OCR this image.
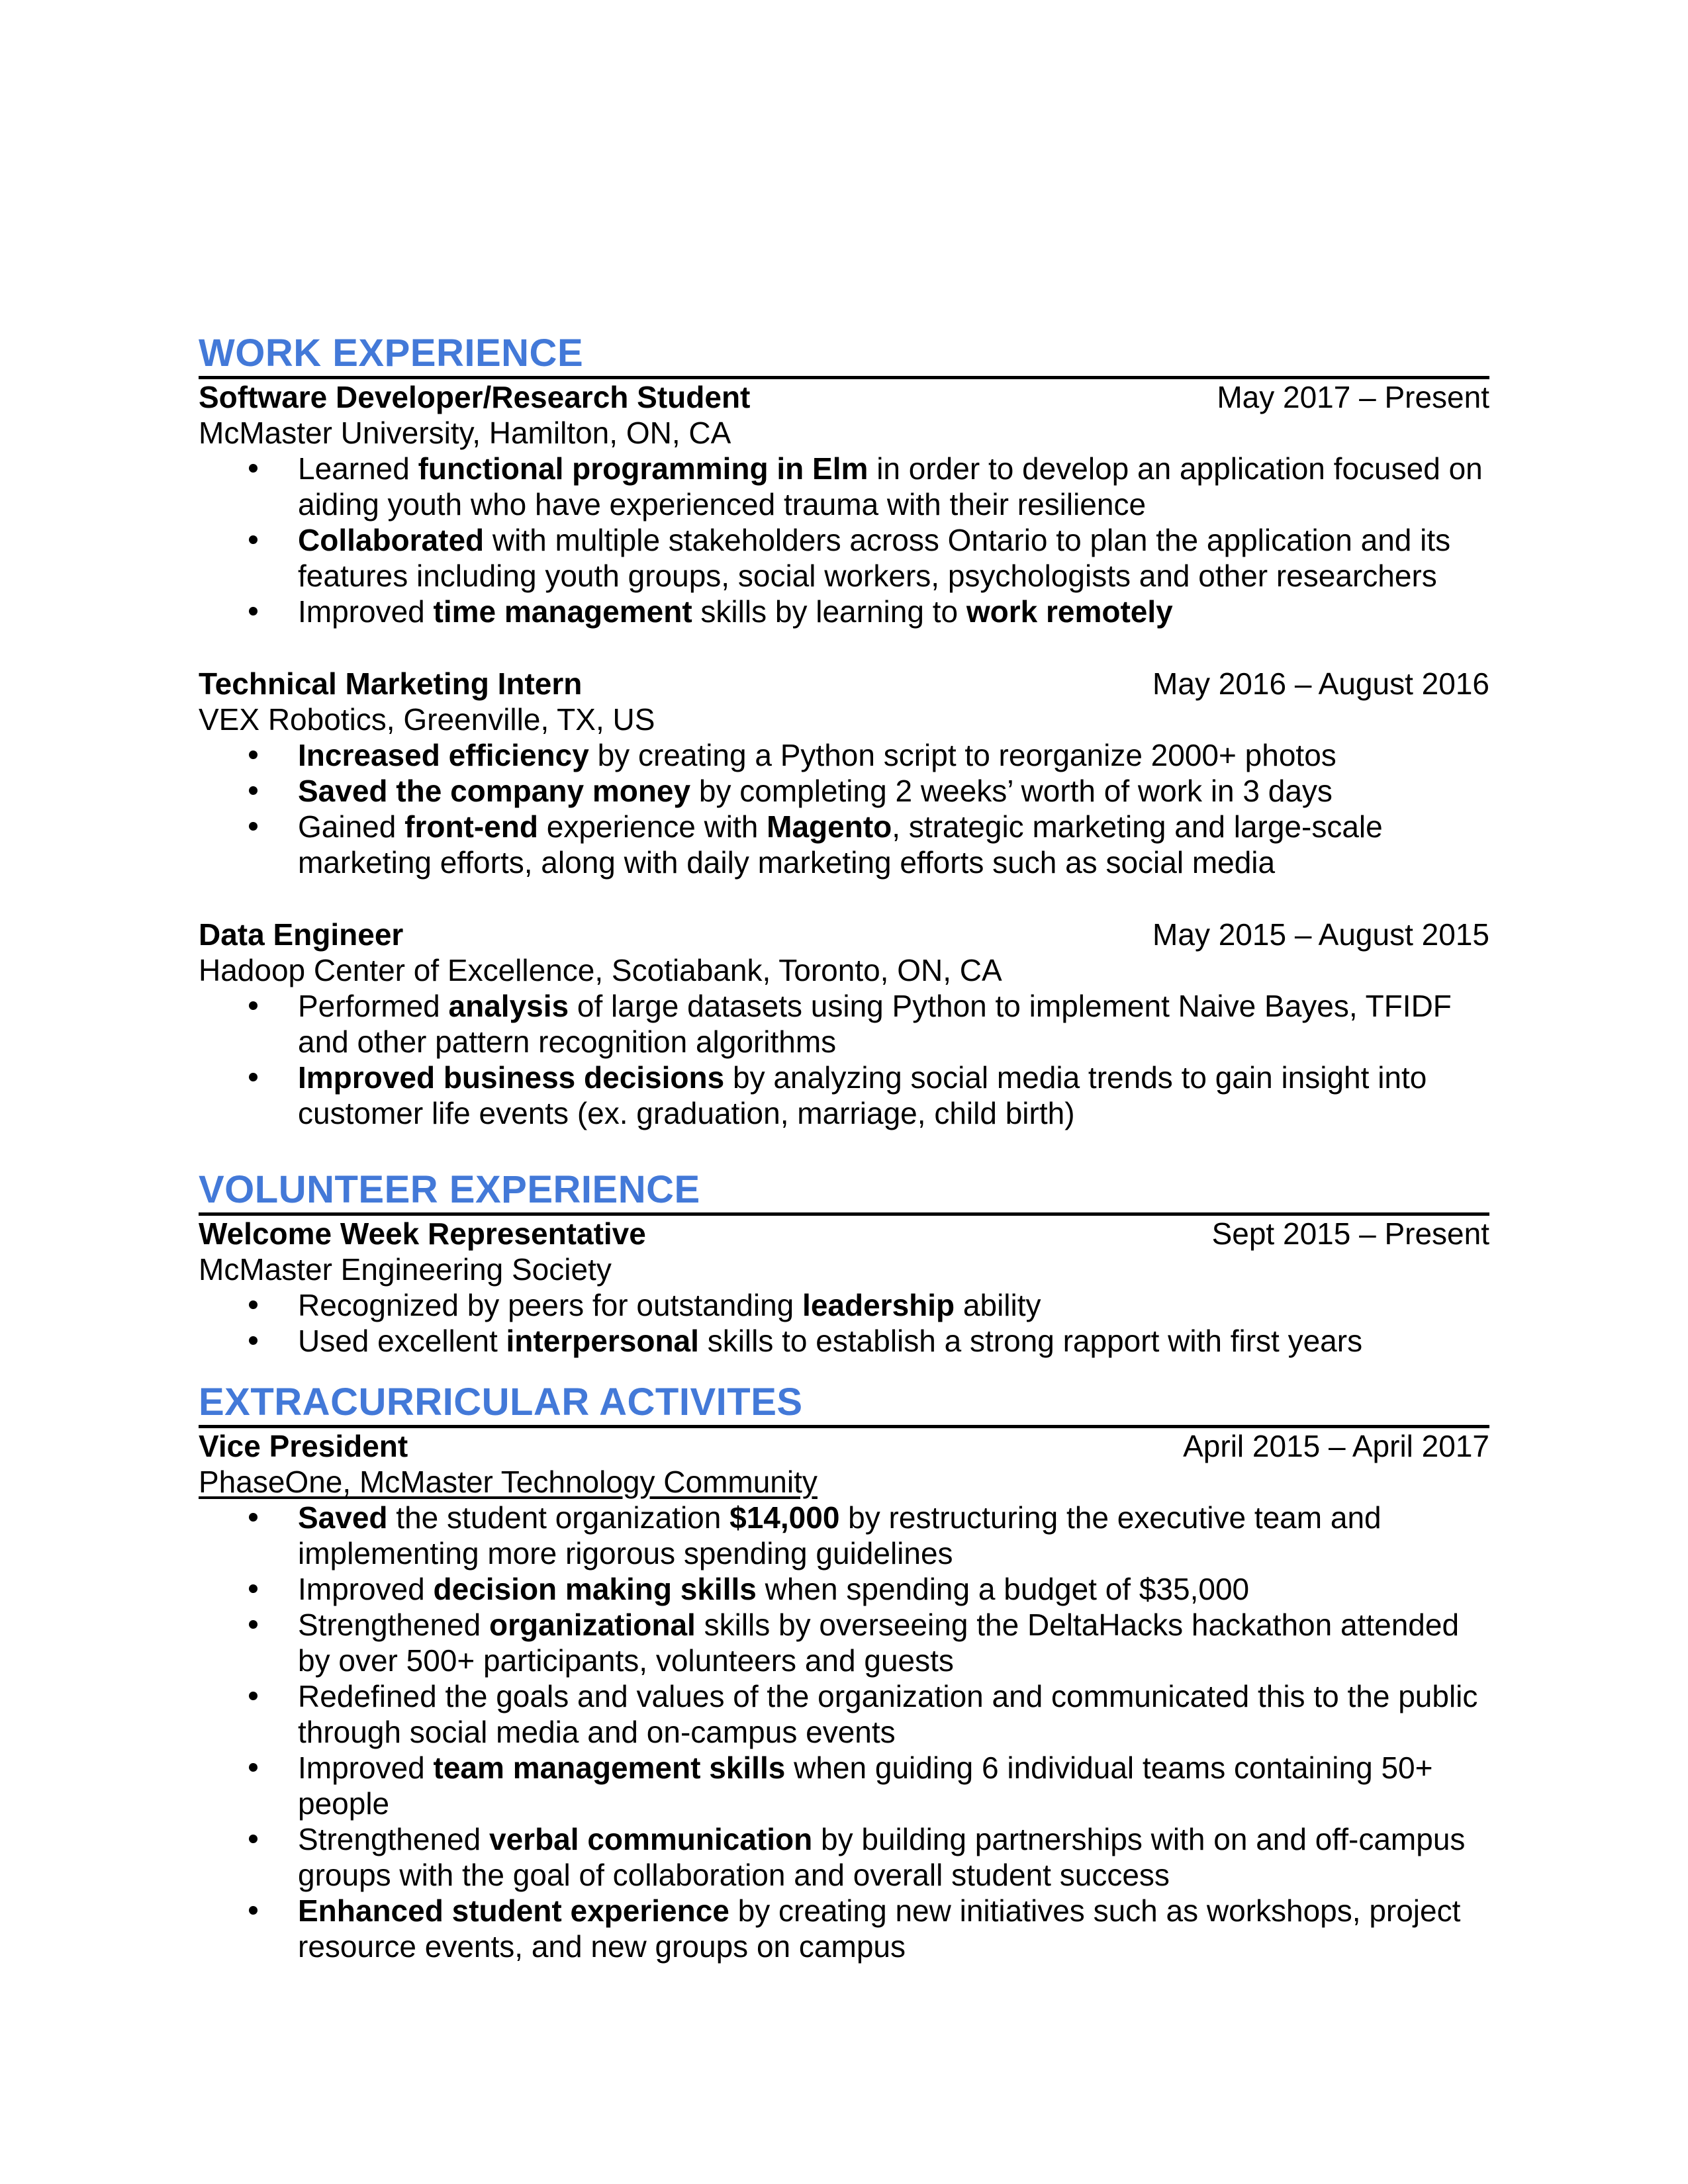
WORK EXPERIENCE
Software Developer/Research Student	May 2017 – Present
McMaster University, Hamilton, ON, CA
Learned functional programming in Elm in order to develop an application focused on aiding youth who have experienced trauma with their resilience
Collaborated with multiple stakeholders across Ontario to plan the application and its features including youth groups, social workers, psychologists and other researchers
Improved time management skills by learning to work remotely
Technical Marketing Intern	May 2016 – August 2016
VEX Robotics, Greenville, TX, US
Increased efficiency by creating a Python script to reorganize 2000+ photos
Saved the company money by completing 2 weeks’ worth of work in 3 days
Gained front-end experience with Magento, strategic marketing and large-scale marketing efforts, along with daily marketing efforts such as social media
Data Engineer	May 2015 – August 2015
Hadoop Center of Excellence, Scotiabank, Toronto, ON, CA
Performed analysis of large datasets using Python to implement Naive Bayes, TFIDF and other pattern recognition algorithms
Improved business decisions by analyzing social media trends to gain insight into customer life events (ex. graduation, marriage, child birth)
VOLUNTEER EXPERIENCE
Welcome Week Representative	Sept 2015 – Present
McMaster Engineering Society
Recognized by peers for outstanding leadership ability
Used excellent interpersonal skills to establish a strong rapport with first years
EXTRACURRICULAR ACTIVITES
Vice President	April 2015 – April 2017
PhaseOne, McMaster Technology Community
Saved the student organization $14,000 by restructuring the executive team and implementing more rigorous spending guidelines
Improved decision making skills when spending a budget of $35,000
Strengthened organizational skills by overseeing the DeltaHacks hackathon attended by over 500+ participants, volunteers and guests
Redefined the goals and values of the organization and communicated this to the public through social media and on-campus events
Improved team management skills when guiding 6 individual teams containing 50+ people
Strengthened verbal communication by building partnerships with on and off-campus groups with the goal of collaboration and overall student success
Enhanced student experience by creating new initiatives such as workshops, project resource events, and new groups on campus
